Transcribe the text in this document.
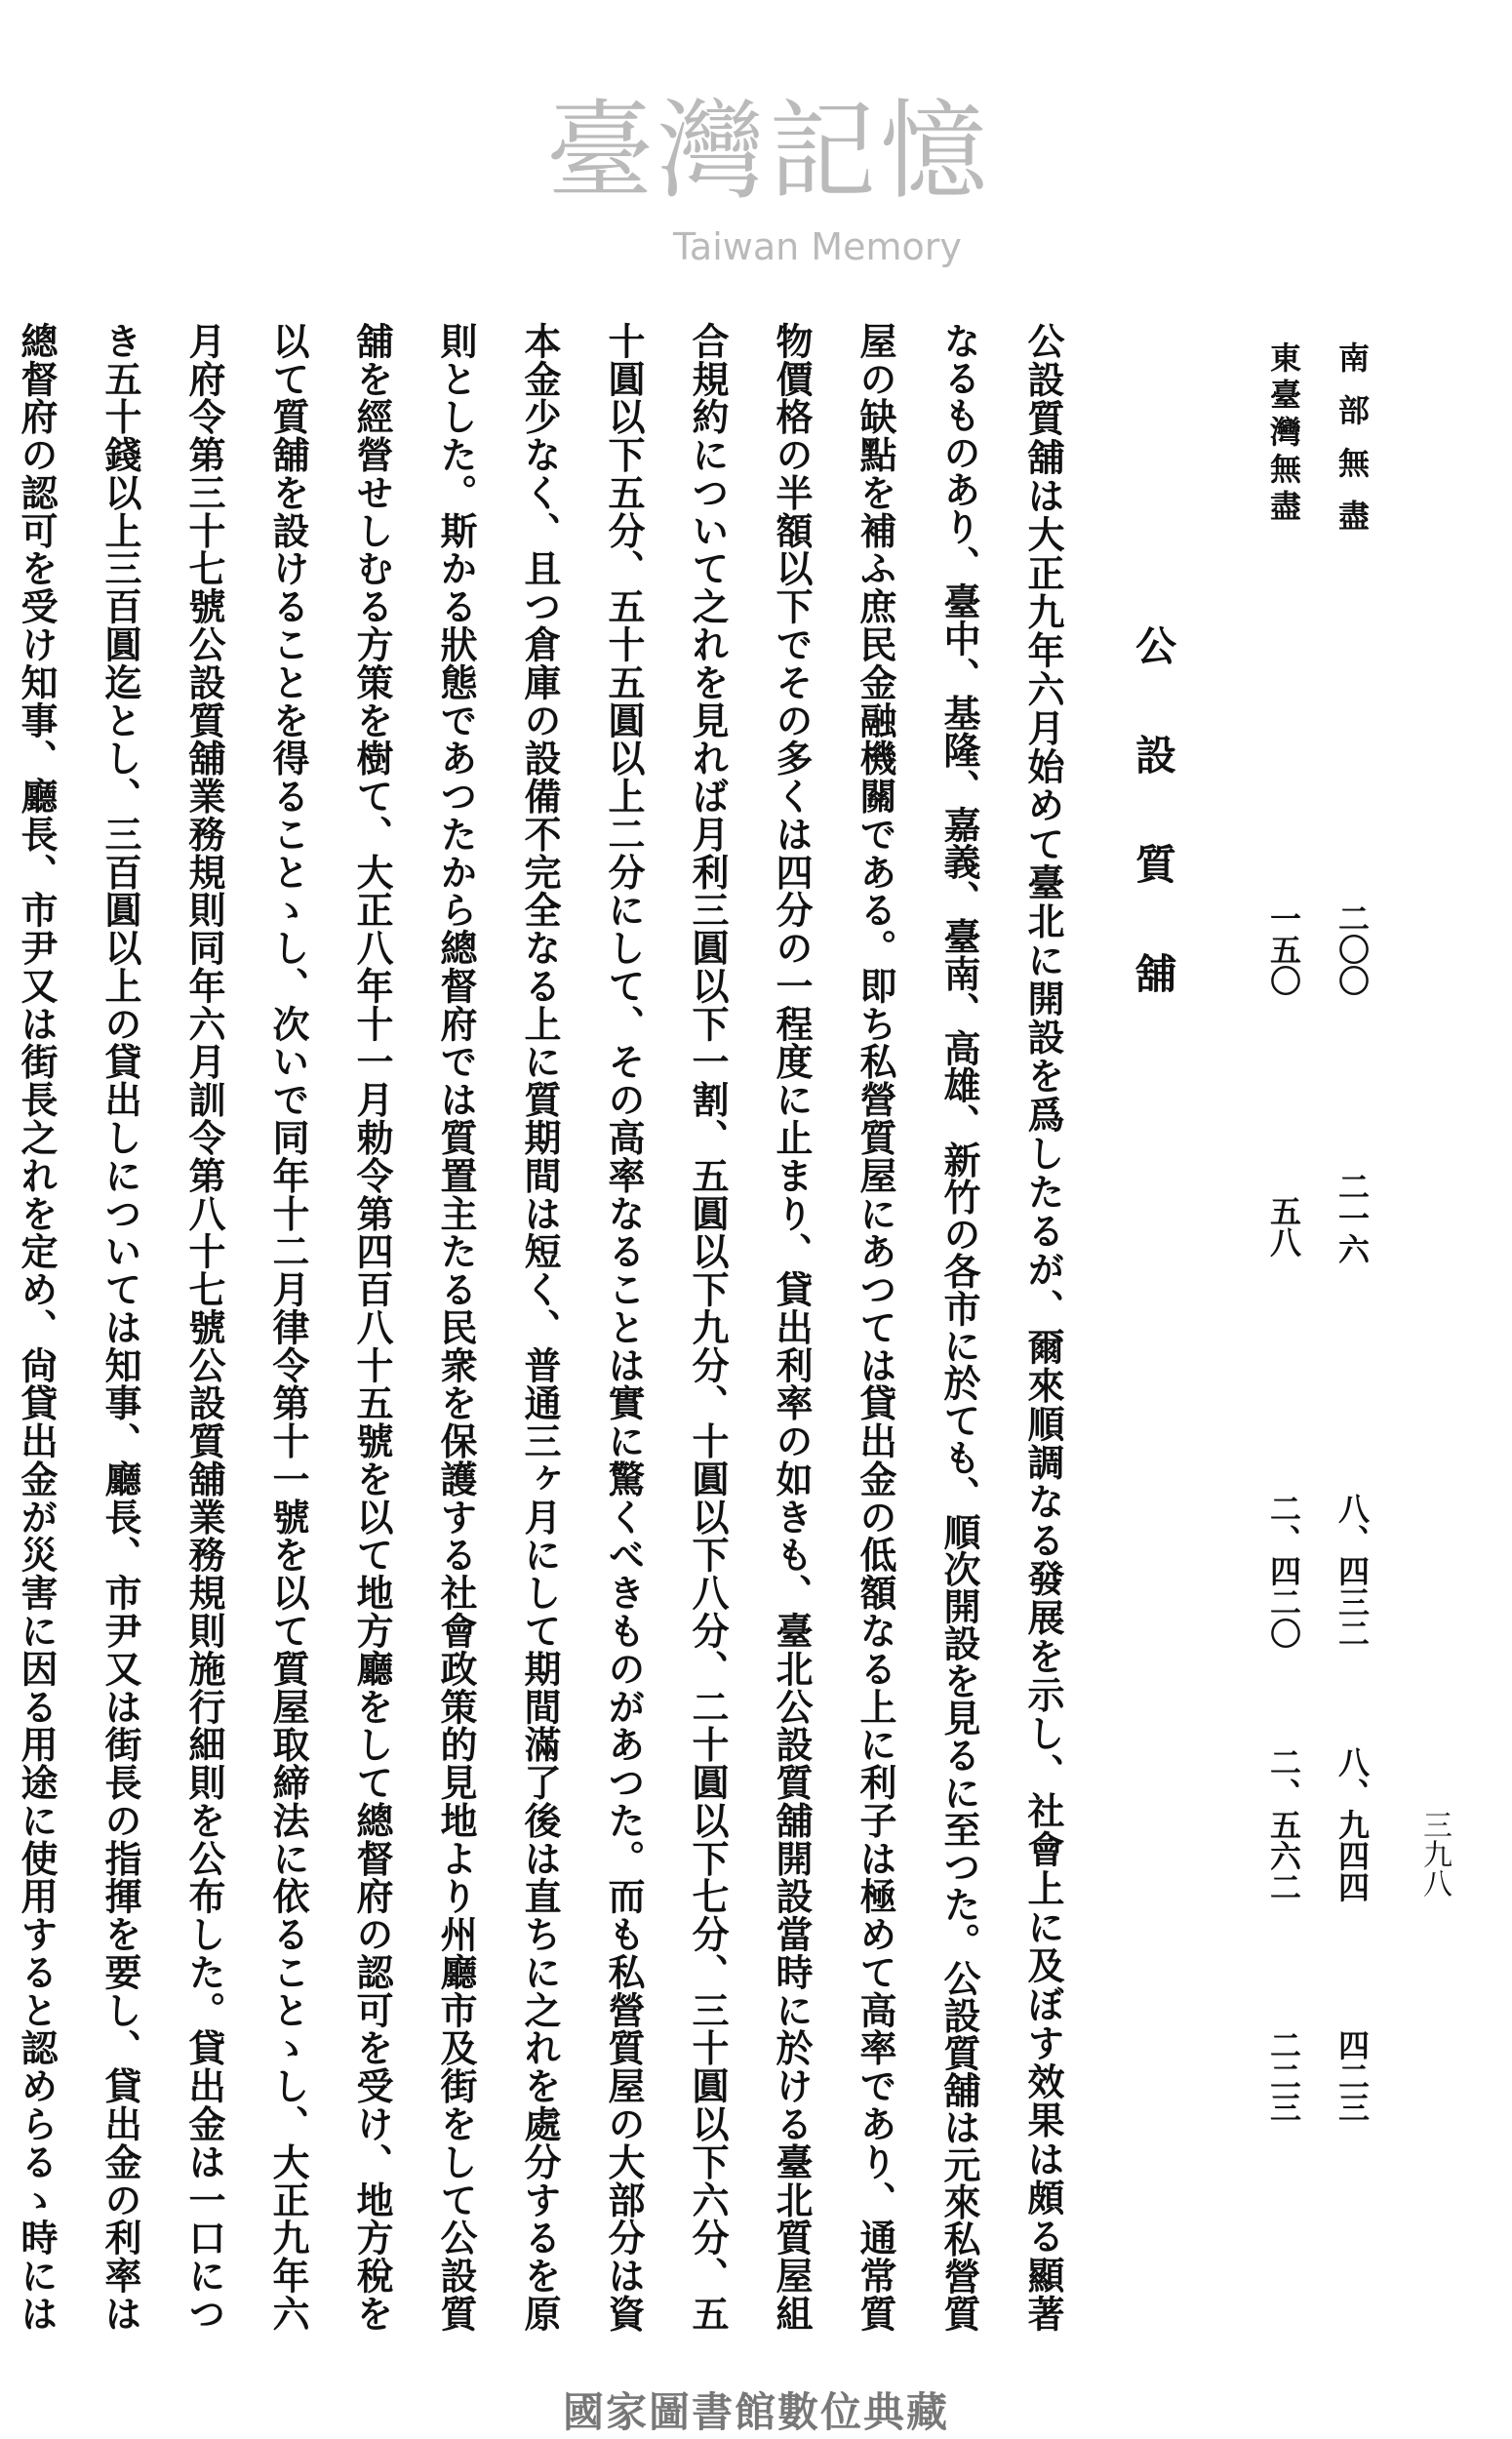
三九八
南部無盡
二〇〇
二一六
八、四三二
八、九四四
四二三
東臺灣無盡
一五〇
五八
二、四二〇
二、五六二
二二三
公設質舖
公設質舖は大正九年六月始めて臺北に開設を爲したるが、爾來順調なる發展を示し、社會上に及ぼす效果は頗る顯著
なるものあり、臺中、基隆、嘉義、臺南、高雄、新竹の各市に於ても、順次開設を見るに至つた。公設質舖は元來私營質
屋の缺點を補ふ庶民金融機關である。即ち私營質屋にあつては貸出金の低額なる上に利子は極めて高率であり、通常質
物價格の半額以下でその多くは四分の一程度に止まり、貸出利率の如きも、臺北公設質舖開設當時に於ける臺北質屋組
合規約について之れを見れば月利三圓以下一割、五圓以下九分、十圓以下八分、二十圓以下七分、三十圓以下六分、五
十圓以下五分、五十五圓以上二分にして、その高率なることは實に驚くべきものがあつた。而も私營質屋の大部分は資
本金少なく、且つ倉庫の設備不完全なる上に質期間は短く、普通三ヶ月にして期間滿了後は直ちに之れを處分するを原
則とした。斯かる狀態であつたから總督府では質置主たる民衆を保護する社會政策的見地より州廳市及街をして公設質
舖を經營せしむる方策を樹て、大正八年十一月勅令第四百八十五號を以て地方廳をして總督府の認可を受け、地方稅を
以て質舖を設けることを得ることゝし、次いで同年十二月律令第十一號を以て質屋取締法に依ることゝし、大正九年六
月府令第三十七號公設質舖業務規則同年六月訓令第八十七號公設質舖業務規則施行細則を公布した。貸出金は一口につ
き五十錢以上三百圓迄とし、三百圓以上の貸出しについては知事、廳長、市尹又は街長の指揮を要し、貸出金の利率は
總督府の認可を受け知事、廳長、市尹又は街長之れを定め、尙貸出金が災害に因る用途に使用すると認めらるゝ時には
臺灣記憶
Taiwan Memory
國家圖書館數位典藏
